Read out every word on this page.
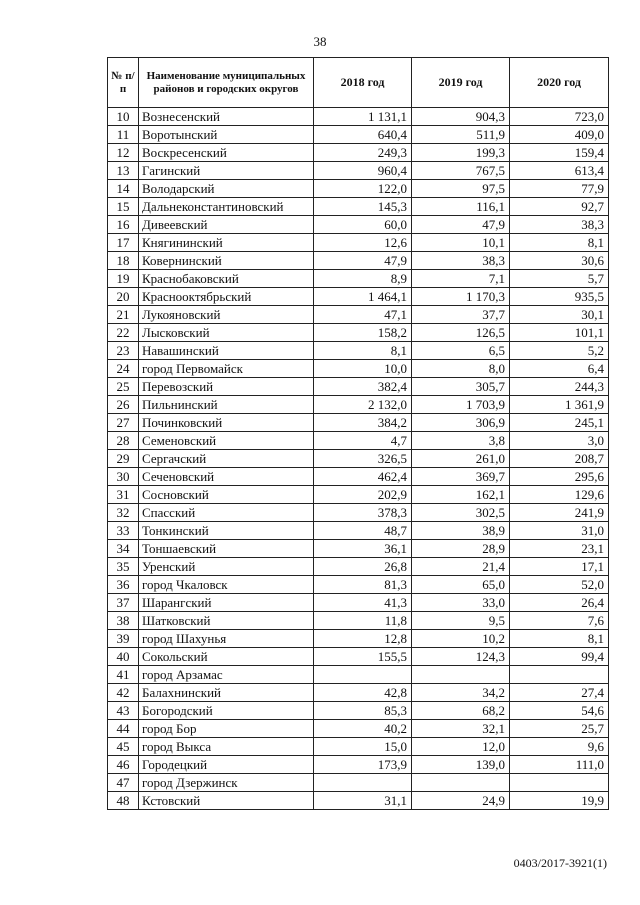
38
№ п/п	Наименование муниципальных районов и городских округов	2018 год	2019 год	2020 год
10	Вознесенский	1 131,1	904,3	723,0
11	Воротынский	640,4	511,9	409,0
12	Воскресенский	249,3	199,3	159,4
13	Гагинский	960,4	767,5	613,4
14	Володарский	122,0	97,5	77,9
15	Дальнеконстантиновский	145,3	116,1	92,7
16	Дивеевский	60,0	47,9	38,3
17	Княгининский	12,6	10,1	8,1
18	Ковернинский	47,9	38,3	30,6
19	Краснобаковский	8,9	7,1	5,7
20	Краснооктябрьский	1 464,1	1 170,3	935,5
21	Лукояновский	47,1	37,7	30,1
22	Лысковский	158,2	126,5	101,1
23	Навашинский	8,1	6,5	5,2
24	город Первомайск	10,0	8,0	6,4
25	Перевозский	382,4	305,7	244,3
26	Пильнинский	2 132,0	1 703,9	1 361,9
27	Починковский	384,2	306,9	245,1
28	Семеновский	4,7	3,8	3,0
29	Сергачский	326,5	261,0	208,7
30	Сеченовский	462,4	369,7	295,6
31	Сосновский	202,9	162,1	129,6
32	Спасский	378,3	302,5	241,9
33	Тонкинский	48,7	38,9	31,0
34	Тоншаевский	36,1	28,9	23,1
35	Уренский	26,8	21,4	17,1
36	город Чкаловск	81,3	65,0	52,0
37	Шарангский	41,3	33,0	26,4
38	Шатковский	11,8	9,5	7,6
39	город Шахунья	12,8	10,2	8,1
40	Сокольский	155,5	124,3	99,4
41	город Арзамас			
42	Балахнинский	42,8	34,2	27,4
43	Богородский	85,3	68,2	54,6
44	город Бор	40,2	32,1	25,7
45	город Выкса	15,0	12,0	9,6
46	Городецкий	173,9	139,0	111,0
47	город Дзержинск			
48	Кстовский	31,1	24,9	19,9
0403/2017-3921(1)
